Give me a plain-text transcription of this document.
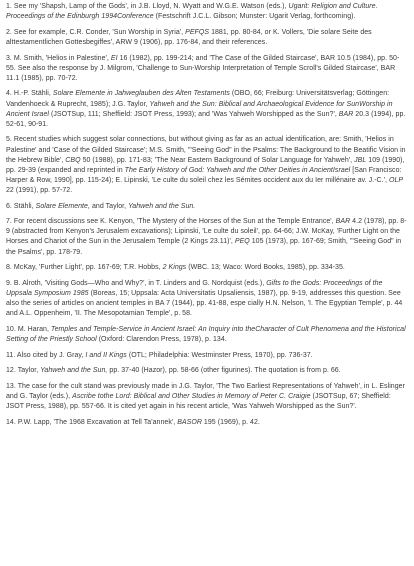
1. See my 'Shapsh, Lamp of the Gods', in J.B. Lloyd, N. Wyatt and W.G.E. Watson (eds.), Ugarit: Religion and Culture. Proceedings of the Edinburgh 1994Conference (Festschrift J.C.L. Gibson; Munster: Ugarit Verlag, forthcoming).

2. See for example, C.R. Conder, 'Sun Worship in Syria', PEFQS 1881, pp. 80-84, or K. Vollers, 'Die solare Seite des alttestamentlichen Gottesbegiffes', ARW 9 (1906), pp. 176-84, and their references.

3. M. Smith, 'Helios in Palestine', EI 16 (1982), pp. 199-214; and 'The Case of the Gilded Staircase', BAR 10.5 (1984), pp. 50-55. See also the response by J. Milgrom, 'Challenge to Sun-Worship Interpretation of Temple Scroll's Gilded Staircase', BAR 11.1 (1985), pp. 70-72.

4. H.-P. Stähli, Solare Elemente in Jahweglauben des Alten Testaments (OBO, 66; Freiburg: Universitätsverlag; Göttingen: Vandenhoeck & Ruprecht, 1985); J.G. Taylor, Yahweh and the Sun: Biblical and Archaeological Evidence for SunWorship in Ancient Israel (JSOTSup, 111; Sheffield: JSOT Press, 1993); and 'Was Yahweh Worshipped as the Sun?', BAR 20.3 (1994), pp. 52-61, 90-91.

5. Recent studies which suggest solar connections, but without giving as far as an actual identification, are: Smith, 'Helios in Palestine' and 'Case of the Gilded Staircase'; M.S. Smith, '"Seeing God" in the Psalms: The Background to the Beatific Vision in the Hebrew Bible', CBQ 50 (1988), pp. 171-83; 'The Near Eastern Background of Solar Language for Yahweh', JBL 109 (1990), pp. 29-39 (expanded and reprinted in The Early History of God: Yahweh and the Other Deities in AncientIsrael [San Francisco: Harper & Row, 1990], pp. 115-24); E. Lipinski, 'Le culte du soleil chez les Sémites occident aux du Ier millénaire av. J.-C.', OLP 22 (1991), pp. 57-72.

6. Stähli, Solare Elemente, and Taylor, Yahweh and the Sun.

7. For recent discussions see K. Kenyon, 'The Mystery of the Horses of the Sun at the Temple Entrance', BAR 4.2 (1978), pp. 8-9 (abstracted from Kenyon's Jerusalem excavations); Lipinski, 'Le culte du soleil', pp. 64-66; J.W. McKay, 'Further Light on the Horses and Chariot of the Sun in the Jerusalem Temple (2 Kings 23.11)', PEQ 105 (1973), pp. 167-69; Smith, '"Seeing God" in the Psalms', pp. 178-79.

8. McKay, 'Further Light', pp. 167-69; T.R. Hobbs, 2 Kings (WBC. 13; Waco: Word Books, 1985), pp. 334-35.

9. B. Alroth, 'Visiting Gods—Who and Why?', in T. Linders and G. Nordquist (eds.), Gifts to the Gods: Proceedings of the Uppsala Symposium 1985 (Boreas, 15; Uppsala: Acta Universitatis Upsaliensis, 1987), pp. 9-19, addresses this question. See also the series of articles on ancient temples in BA 7 (1944), pp. 41-88, espe cially H.N. Nelson, 'I. The Egyptian Temple', p. 44 and A.L. Oppenheim, 'II. The Mesopotamian Temple', p. 58.

10. M. Haran, Temples and Temple-Service in Ancient Israel: An Inquiry into theCharacter of Cult Phenomena and the Historical Setting of the Priestly School (Oxford: Clarendon Press, 1978), p. 134.

11. Also cited by J. Gray, I and II Kings (OTL; Philadelphia: Westminster Press, 1970), pp. 736-37.

12. Taylor, Yahweh and the Sun, pp. 37-40 (Hazor), pp. 58-66 (other figurines). The quotation is from p. 66.

13. The case for the cult stand was previously made in J.G. Taylor, 'The Two Earliest Representations of Yahweh', in L. Eslinger and G. Taylor (eds.), Ascribe tothe Lord: Biblical and Other Studies in Memory of Peter C. Craigie (JSOTSup, 67; Sheffield: JSOT Press, 1988), pp. 557-66. It is cited yet again in his recent article, 'Was Yahweh Worshipped as the Sun?'.

14. P.W. Lapp, 'The 1968 Excavation at Tell Ta'annek', BASOR 195 (1969), p. 42.
